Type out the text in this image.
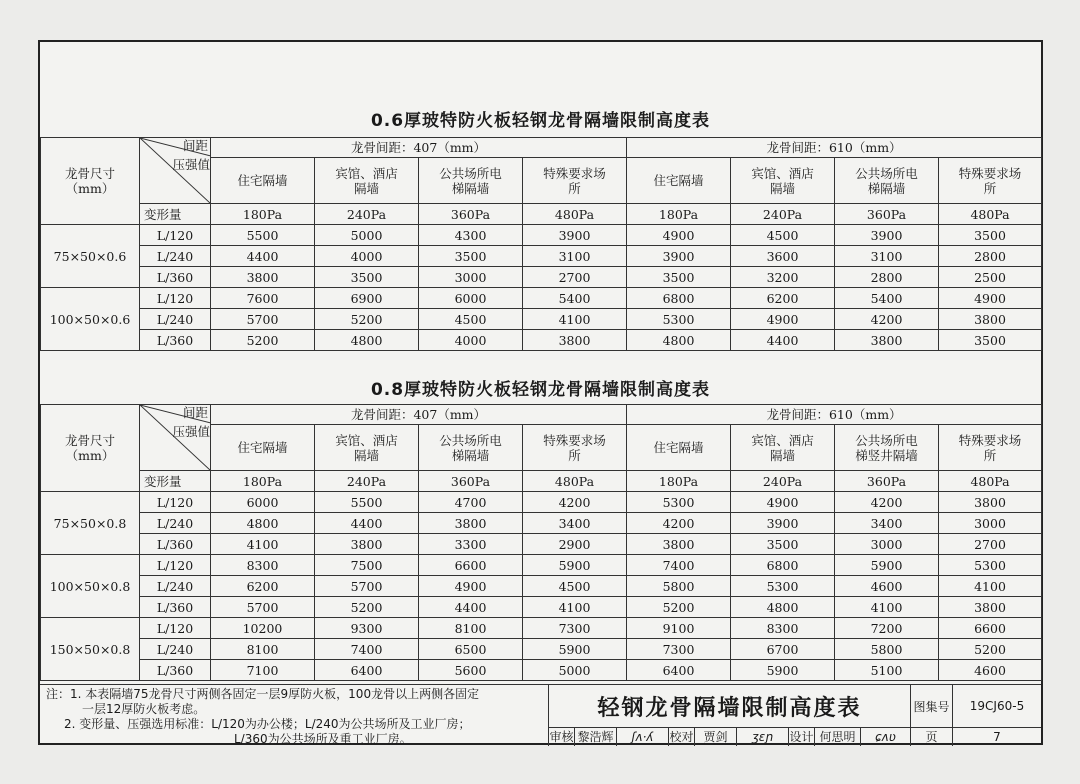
0.6厚玻特防火板轻钢龙骨隔墙限制高度表
龙骨尺寸（mm）	间距
压强值	龙骨间距：407（mm）				龙骨间距：610（mm）			
		住宅隔墙	宾馆、酒店隔墙	公共场所电梯隔墙	特殊要求场所	住宅隔墙	宾馆、酒店隔墙	公共场所电梯隔墙	特殊要求场所
	变形量	180Pa	240Pa	360Pa	480Pa	180Pa	240Pa	360Pa	480Pa
75×50×0.6	L/120	5500	5000	4300	3900	4900	4500	3900	3500
	L/240	4400	4000	3500	3100	3900	3600	3100	2800
	L/360	3800	3500	3000	2700	3500	3200	2800	2500
100×50×0.6	L/120	7600	6900	6000	5400	6800	6200	5400	4900
	L/240	5700	5200	4500	4100	5300	4900	4200	3800
	L/360	5200	4800	4000	3800	4800	4400	3800	3500
0.8厚玻特防火板轻钢龙骨隔墙限制高度表
龙骨尺寸（mm）	间距
压强值	龙骨间距：407（mm）				龙骨间距：610（mm）			
		住宅隔墙	宾馆、酒店隔墙	公共场所电梯隔墙	特殊要求场所	住宅隔墙	宾馆、酒店隔墙	公共场所电梯竖井隔墙	特殊要求场所
	变形量	180Pa	240Pa	360Pa	480Pa	180Pa	240Pa	360Pa	480Pa
75×50×0.8	L/120	6000	5500	4700	4200	5300	4900	4200	3800
	L/240	4800	4400	3800	3400	4200	3900	3400	3000
	L/360	4100	3800	3300	2900	3800	3500	3000	2700
100×50×0.8	L/120	8300	7500	6600	5900	7400	6800	5900	5300
	L/240	6200	5700	4900	4500	5800	5300	4600	4100
	L/360	5700	5200	4400	4100	5200	4800	4100	3800
150×50×0.8	L/120	10200	9300	8100	7300	9100	8300	7200	6600
	L/240	8100	7400	6500	5900	7300	6700	5800	5200
	L/360	7100	6400	5600	5000	6400	5900	5100	4600
注：1. 本表隔墙75龙骨尺寸两侧各固定一层9厚防火板，100龙骨以上两侧各固定
一层12厚防火板考虑。
2. 变形量、压强选用标准：L/120为办公楼；L/240为公共场所及工业厂房；
L/360为公共场所及重工业厂房。
轻钢龙骨隔墙限制高度表	图集号	19CJ60-5
审核 黎浩辉	ʃʌ·ʎ	校对 贾剑	ʒɛɲ	设计 何思明	ɕʌʋ	页	7
